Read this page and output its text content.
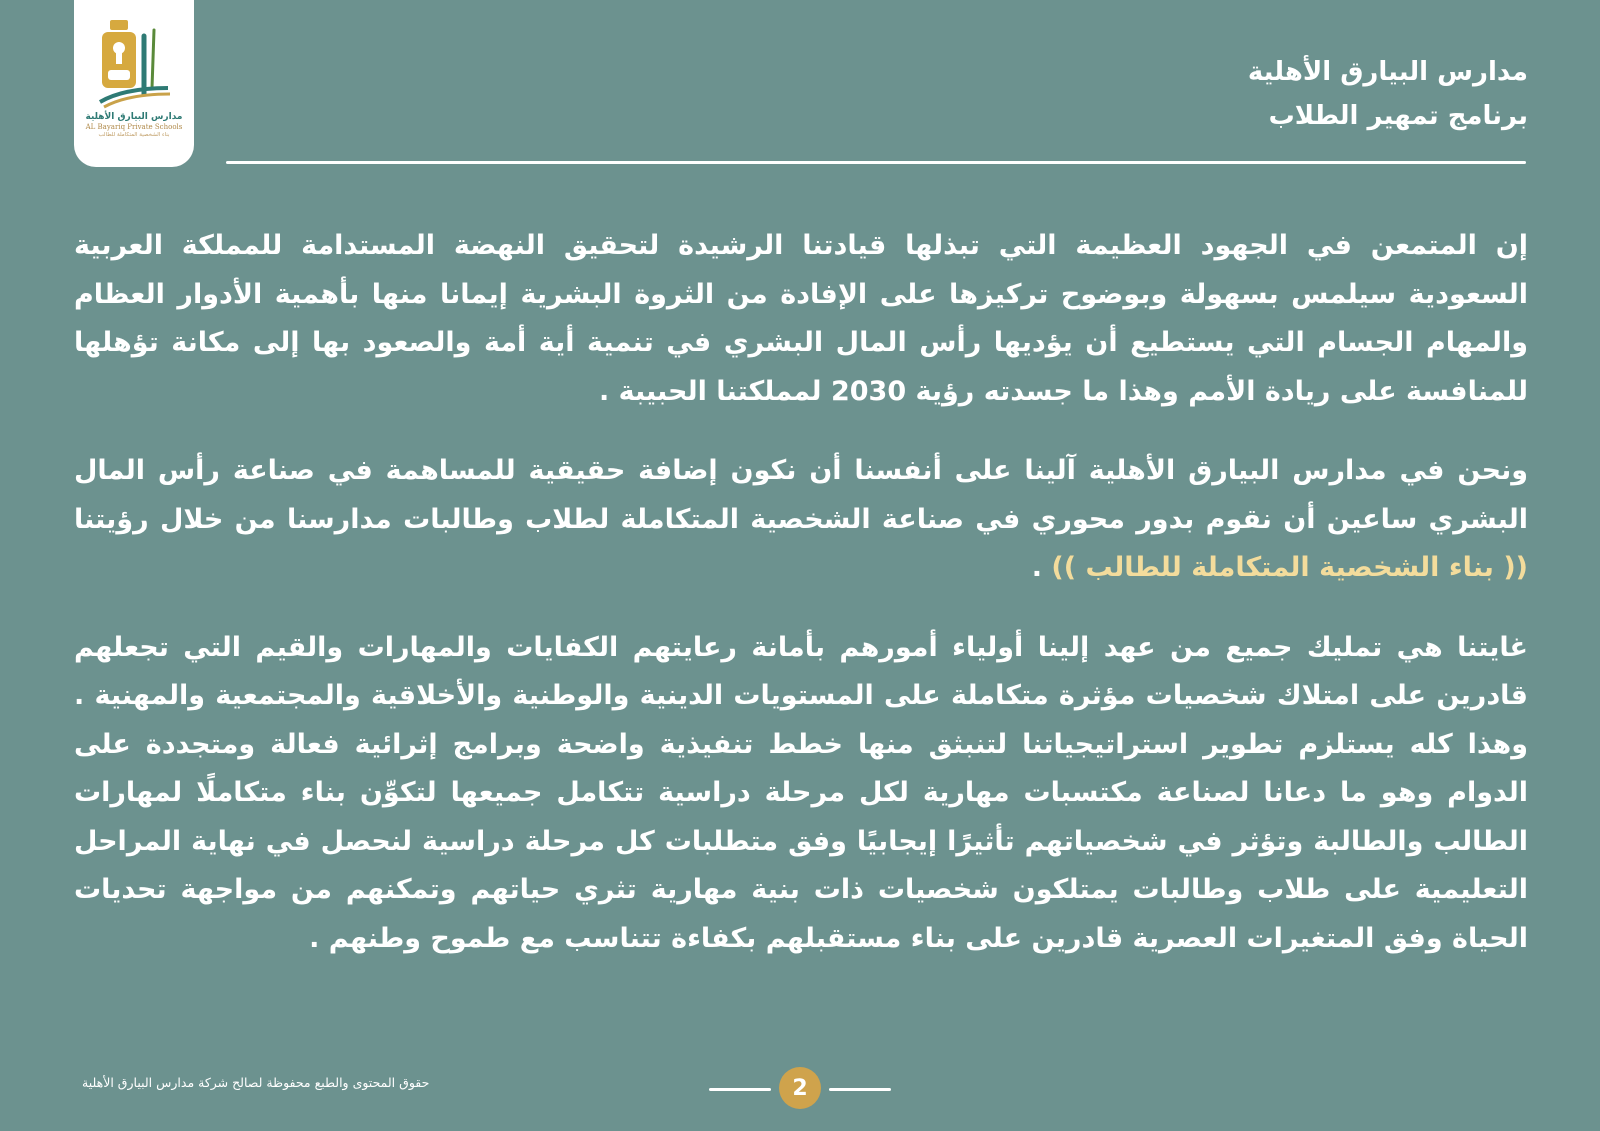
مدارس البيارق الأهلية
AL Bayariq Private Schools
بناء الشخصية المتكاملة للطالب
مدارس البيارق الأهلية
برنامج تمهير الطلاب

إن المتمعن في الجهود العظيمة التي تبذلها قيادتنا الرشيدة لتحقيق النهضة المستدامة للمملكة العربية السعودية سيلمس بسهولة وبوضوح تركيزها على الإفادة من الثروة البشرية إيمانا منها بأهمية الأدوار العظام والمهام الجسام التي يستطيع أن يؤديها رأس المال البشري في تنمية أية أمة والصعود بها إلى مكانة تؤهلها للمنافسة على ريادة الأمم وهذا ما جسدته رؤية 2030 لمملكتنا الحبيبة .

ونحن في مدارس البيارق الأهلية آلينا على أنفسنا أن نكون إضافة حقيقية للمساهمة في صناعة رأس المال البشري ساعين أن نقوم بدور محوري في صناعة الشخصية المتكاملة لطلاب وطالبات مدارسنا من خلال رؤيتنا (( بناء الشخصية المتكاملة للطالب )) .

غايتنا هي تمليك جميع من عهد إلينا أولياء أمورهم بأمانة رعايتهم الكفايات والمهارات والقيم التي تجعلهم قادرين على امتلاك شخصيات مؤثرة متكاملة على المستويات الدينية والوطنية والأخلاقية والمجتمعية والمهنية . وهذا كله يستلزم تطوير استراتيجياتنا لتنبثق منها خطط تنفيذية واضحة وبرامج إثرائية فعالة ومتجددة على الدوام وهو ما دعانا لصناعة مكتسبات مهارية لكل مرحلة دراسية تتكامل جميعها لتكوِّن بناء متكاملًا لمهارات الطالب والطالبة وتؤثر في شخصياتهم تأثيرًا إيجابيًا وفق متطلبات كل مرحلة دراسية لنحصل في نهاية المراحل التعليمية على طلاب وطالبات يمتلكون شخصيات ذات بنية مهارية تثري حياتهم وتمكنهم من مواجهة تحديات الحياة وفق المتغيرات العصرية قادرين على بناء مستقبلهم بكفاءة تتناسب مع طموح وطنهم .

حقوق المحتوى والطبع محفوظة لصالح شركة مدارس البيارق الأهلية	2
